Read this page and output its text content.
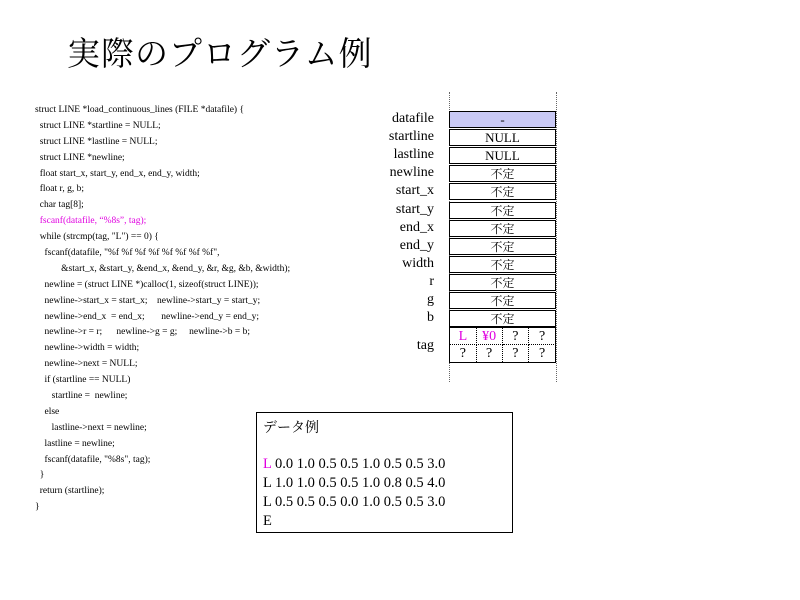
実際のプログラム例
struct LINE *load_continuous_lines (FILE *datafile) {
struct LINE *startline = NULL;
struct LINE *lastline = NULL;
struct LINE *newline;
float start_x, start_y, end_x, end_y, width;
float r, g, b;
char tag[8];
fscanf(datafile, “%8s”, tag);
while (strcmp(tag, "L") == 0) {
fscanf(datafile, "%f %f %f %f %f %f %f %f",
&start_x, &start_y, &end_x, &end_y, &r, &g, &b, &width);
newline = (struct LINE *)calloc(1, sizeof(struct LINE));
newline->start_x = start_x;    newline->start_y = start_y;
newline->end_x  = end_x;       newline->end_y = end_y;
newline->r = r;      newline->g = g;     newline->b = b;
newline->width = width;
newline->next = NULL;
if (startline == NULL)
startline =  newline;
else
lastline->next = newline;
lastline = newline;
fscanf(datafile, "%8s", tag);
}
return (startline);
}
tag
L	¥0	?	?
?	?	?	?
datafile	-
startline	NULL
lastline	NULL
newline	不定
start_x	不定
start_y	不定
end_x	不定
end_y	不定
width	不定
r	不定
g	不定
b	不定
データ例
L 0.0 1.0 0.5 0.5 1.0 0.5 0.5 3.0
L 1.0 1.0 0.5 0.5 1.0 0.8 0.5 4.0
L 0.5 0.5 0.5 0.0 1.0 0.5 0.5 3.0
E
